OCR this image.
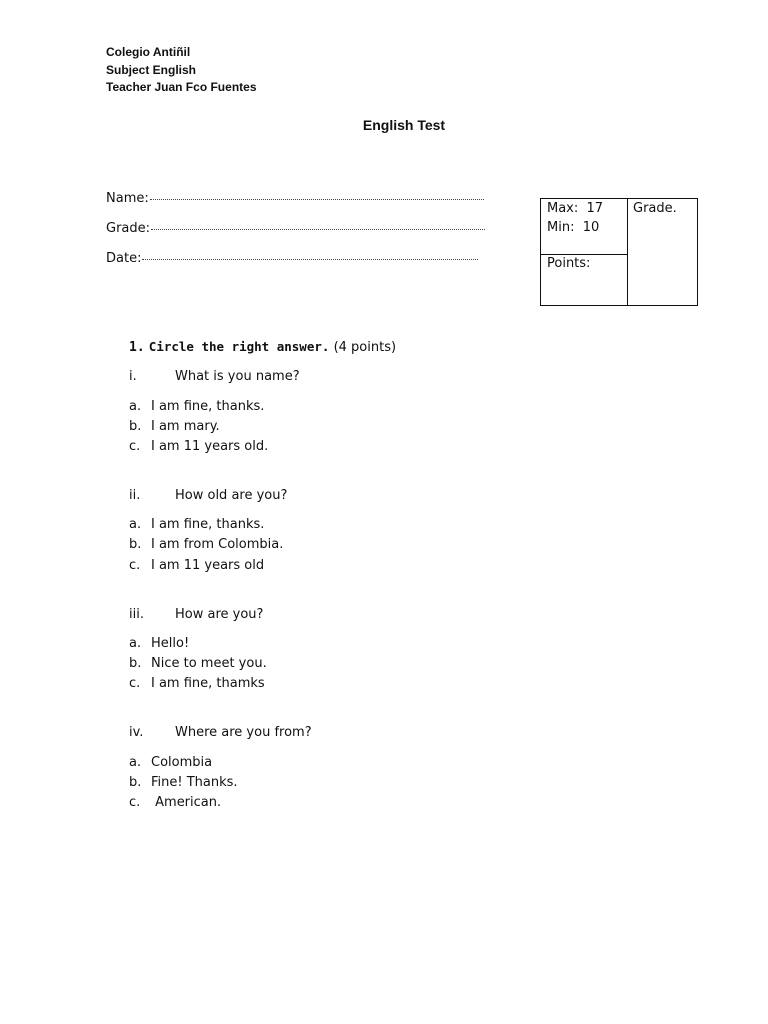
Colegio Antiñil
Subject English
Teacher Juan Fco Fuentes
English Test
Name:
Grade:
Date:
Max: 17
Min: 10
Points:
Grade.
1. Circle the right answer. (4 points)
i.	What is you name?
a. I am fine, thanks.
b. I am mary.
c. I am 11 years old.
ii.	How old are you?
a. I am fine, thanks.
b. I am from Colombia.
c. I am 11 years old
iii. How are you?
a. Hello!
b. Nice to meet you.
c. I am fine, thamks
iv. Where are you from?
a. Colombia
b. Fine! Thanks.
c. American.
